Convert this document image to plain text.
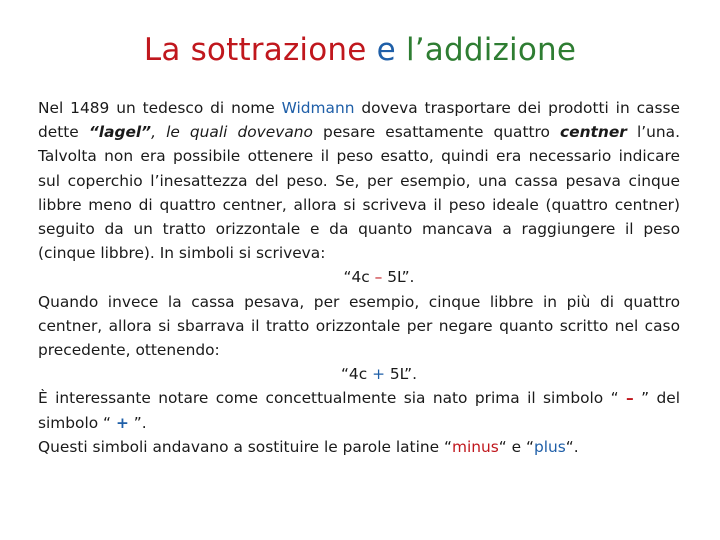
La sottrazione e l’addizione

Nel 1489 un tedesco di nome Widmann doveva trasportare dei prodotti in casse dette “lagel”, le quali dovevano pesare esattamente quattro centner l’una. Talvolta non era possibile ottenere il peso esatto, quindi era necessario indicare sul coperchio l’inesattezza del peso. Se, per esempio, una cassa pesava cinque libbre meno di quattro centner, allora si scriveva il peso ideale (quattro centner) seguito da un tratto orizzontale e da quanto mancava a raggiungere il peso (cinque libbre). In simboli si scriveva:

“4c – 5L”.

Quando invece la cassa pesava, per esempio, cinque libbre in più di quattro centner, allora si sbarrava il tratto orizzontale per negare quanto scritto nel caso precedente, ottenendo:

“4c + 5L”.

È interessante notare come concettualmente sia nato prima il simbolo “ – ” del simbolo “ + ”.

Questi simboli andavano a sostituire le parole latine “minus“ e “plus“.
